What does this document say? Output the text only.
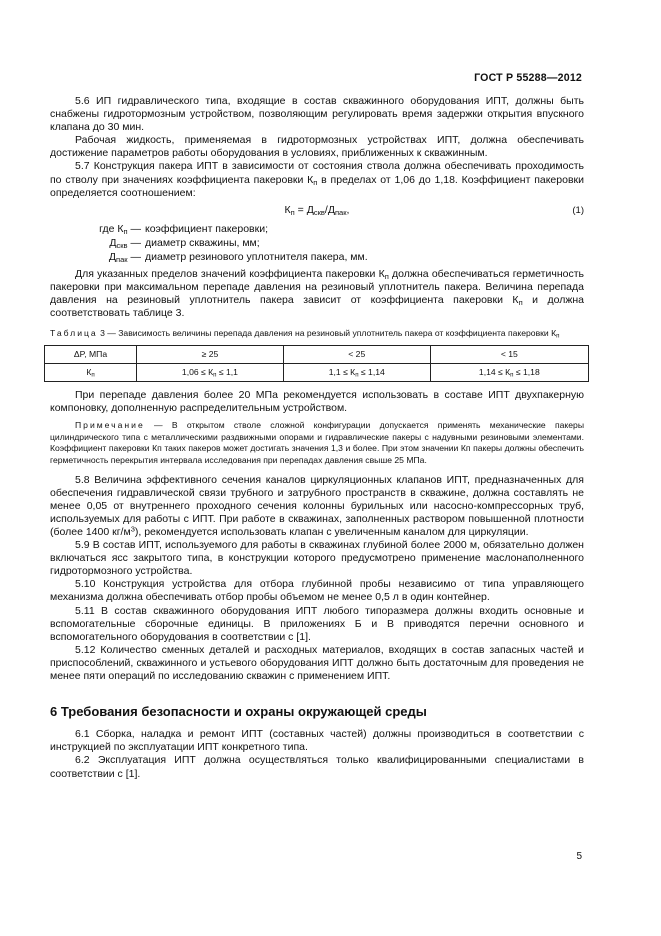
ГОСТ Р 55288—2012

5.6 ИП гидравлического типа, входящие в состав скважинного оборудования ИПТ, должны быть снабжены гидротормозным устройством, позволяющим регулировать время задержки открытия впускного клапана до 30 мин.

Рабочая жидкость, применяемая в гидротормозных устройствах ИПТ, должна обеспечивать достижение параметров работы оборудования в условиях, приближенных к скважинным.

5.7 Конструкция пакера ИПТ в зависимости от состояния ствола должна обеспечивать проходимость по стволу при значениях коэффициента пакеровки $К_п$ в пределах от 1,06 до 1,18. Коэффициент пакеровки определяется соотношением:

$К_п = Д_{скв}/Д_{пак}$,	(1)
где $К_п$ — коэффициент пакеровки;
$Д_{скв}$ — диаметр скважины, мм;
$Д_{пак}$ — диаметр резинового уплотнителя пакера, мм.

Для указанных пределов значений коэффициента пакеровки $К_п$ должна обеспечиваться герметичность пакеровки при максимальном перепаде давления на резиновый уплотнитель пакера. Величина перепада давления на резиновый уплотнитель пакера зависит от коэффициента пакеровки $К_п$ и должна соответствовать таблице 3.

Таблица 3 — Зависимость величины перепада давления на резиновый уплотнитель пакера от коэффициента пакеровки $К_п$
ΔP, МПа	≥ 25	< 25	< 15
$К_п$	$1,06 \le К_п \le 1,1$	$1,1 \le К_п \le 1,14$	$1,14 \le К_п \le 1,18$

При перепаде давления более 20 МПа рекомендуется использовать в составе ИПТ двухпакерную компоновку, дополненную распределительным устройством.

Примечание — В открытом стволе сложной конфигурации допускается применять механические пакеры цилиндрического типа с металлическими раздвижными опорами и гидравлические пакеры с надувными резиновыми элементами. Коэффициент пакеровки Кп таких пакеров может достигать значения 1,3 и более. При этом значении Кп пакеры должны обеспечить герметичность перекрытия интервала исследования при перепадах давления свыше 25 МПа.

5.8 Величина эффективного сечения каналов циркуляционных клапанов ИПТ, предназначенных для обеспечения гидравлической связи трубного и затрубного пространств в скважине, должна составлять не менее 0,05 от внутреннего проходного сечения колонны бурильных или насосно-компрессорных труб, используемых для работы с ИПТ. При работе в скважинах, заполненных раствором повышенной плотности (более 1400 $кг/м^3$), рекомендуется использовать клапан с увеличенным каналом для циркуляции.

5.9 В состав ИПТ, используемого для работы в скважинах глубиной более 2000 м, обязательно должен включаться ясс закрытого типа, в конструкции которого предусмотрено применение маслонаполненного гидротормозного устройства.

5.10 Конструкция устройства для отбора глубинной пробы независимо от типа управляющего механизма должна обеспечивать отбор пробы объемом не менее 0,5 л в один контейнер.

5.11 В состав скважинного оборудования ИПТ любого типоразмера должны входить основные и вспомогательные сборочные единицы. В приложениях Б и В приводятся перечни основного и вспомогательного оборудования в соответствии с [1].

5.12 Количество сменных деталей и расходных материалов, входящих в состав запасных частей и приспособлений, скважинного и устьевого оборудования ИПТ должно быть достаточным для проведения не менее пяти операций по исследованию скважин с применением ИПТ.

6 Требования безопасности и охраны окружающей среды

6.1 Сборка, наладка и ремонт ИПТ (составных частей) должны производиться в соответствии с инструкцией по эксплуатации ИПТ конкретного типа.

6.2 Эксплуатация ИПТ должна осуществляться только квалифицированными специалистами в соответствии с [1].

5
